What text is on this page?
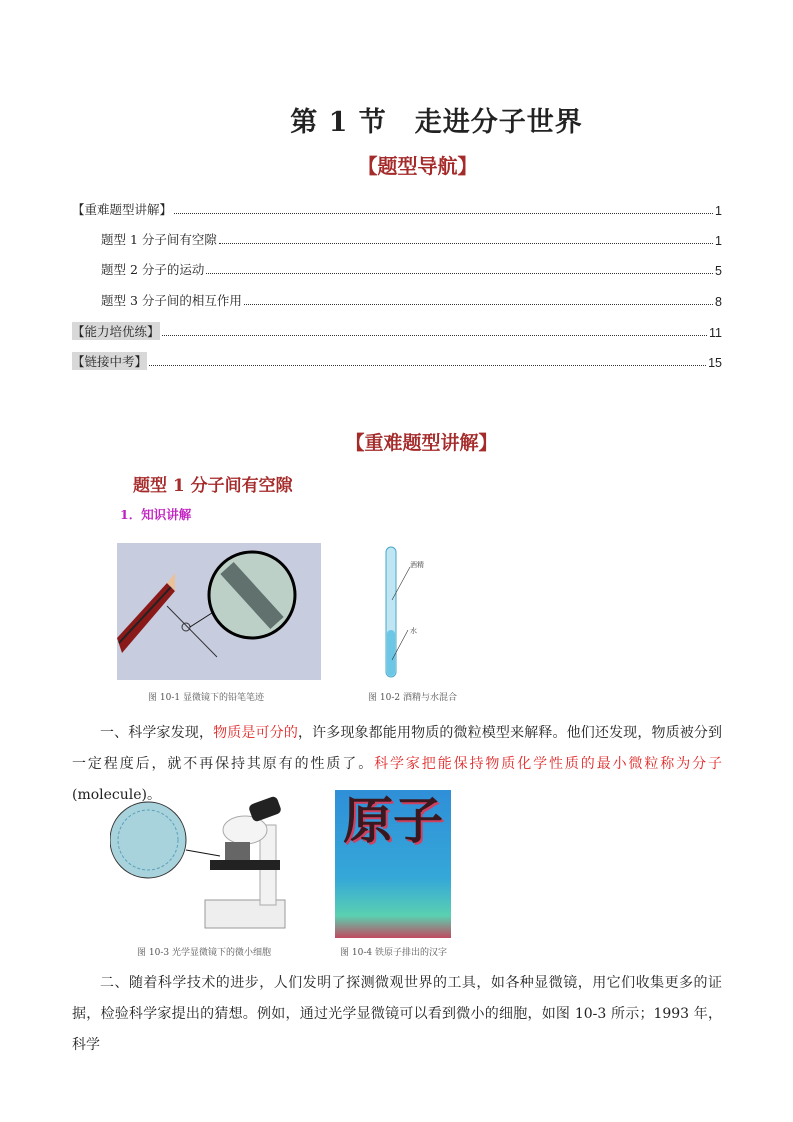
第 1 节　走进分子世界
【题型导航】
【重难题型讲解】	1
题型 1 分子间有空隙	1
题型 2 分子的运动	5
题型 3 分子间的相互作用	8
【能力培优练】	11
【链接中考】	15
【重难题型讲解】
题型 1 分子间有空隙
1．知识讲解
图 10-1 显微镜下的铅笔笔迹
酒精
水
图 10-2 酒精与水混合
一、科学家发现，物质是可分的，许多现象都能用物质的微粒模型来解释。他们还发现，物质被分到一定程度后，就不再保持其原有的性质了。科学家把能保持物质化学性质的最小微粒称为分子(molecule)。
图 10-3 光学显微镜下的微小细胞
原子
图 10-4 铁原子排出的汉字
二、随着科学技术的进步，人们发明了探测微观世界的工具，如各种显微镜，用它们收集更多的证据，检验科学家提出的猜想。例如，通过光学显微镜可以看到微小的细胞，如图 10-3 所示；1993 年，科学
